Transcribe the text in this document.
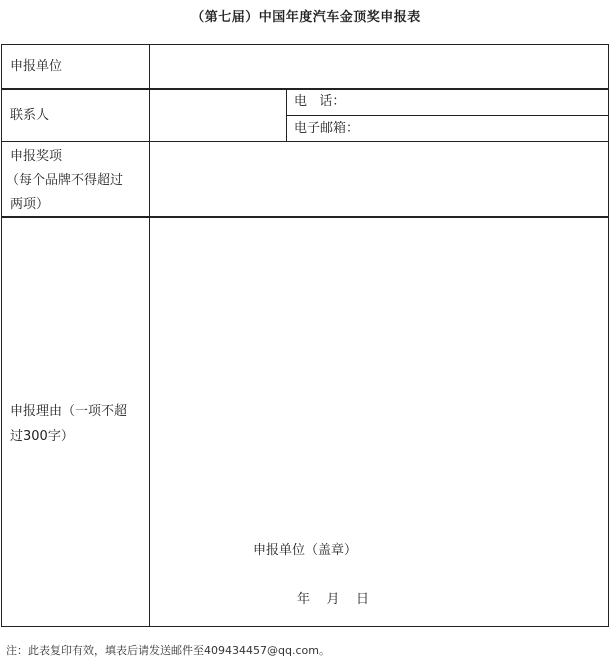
（第七届）中国年度汽车金顶奖申报表
申报单位
联系人
电   话：
电子邮箱：
申报奖项
（每个品牌不得超过
两项）
申报理由（一项不超
过300字）
申报单位（盖章）
年    月    日
注：此表复印有效，填表后请发送邮件至409434457@qq.com。
